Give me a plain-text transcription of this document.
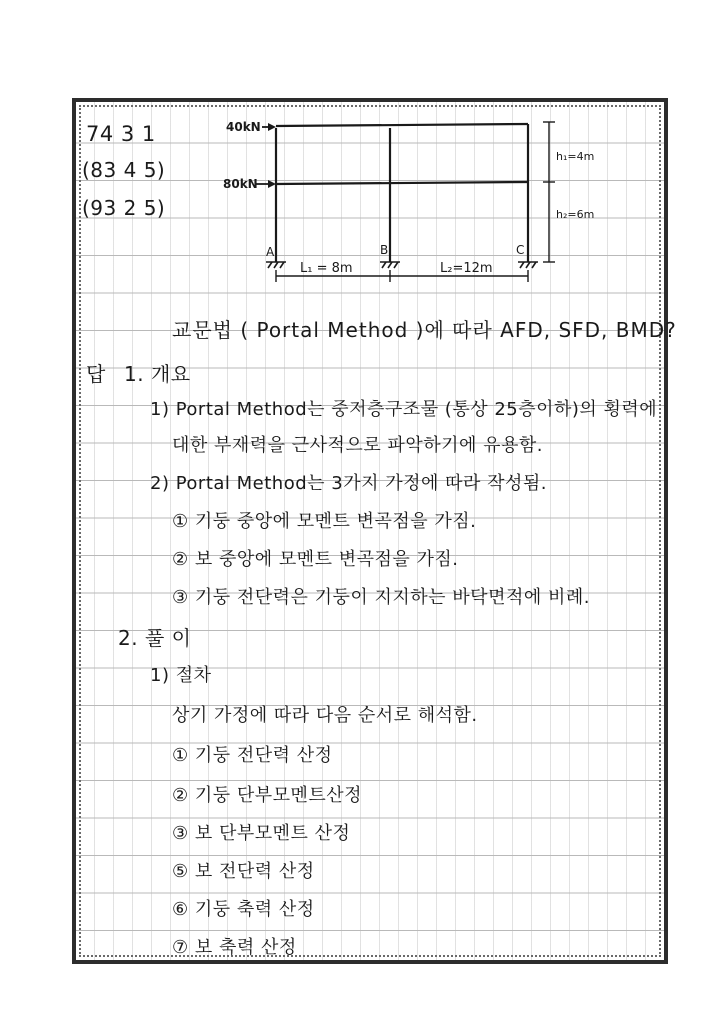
74 3 1
(83 4 5)
(93 2 5)
40kN
80kN
A	B	C
h₁=4m
h₂=6m
L₁ = 8m	L₂=12m
교문법 ( Portal Method )에 따라 AFD, SFD, BMD?
답 1. 개요
1) Portal Method는 중저층구조물 (통상 25층이하)의 횡력에
대한 부재력을 근사적으로 파악하기에 유용함.
2) Portal Method는 3가지 가정에 따라 작성됨.
① 기둥 중앙에 모멘트 변곡점을 가짐.
② 보 중앙에 모멘트 변곡점을 가짐.
③ 기둥 전단력은 기둥이 지지하는 바닥면적에 비례.
2. 풀 이
1) 절차
상기 가정에 따라 다음 순서로 해석함.
① 기둥 전단력 산정
② 기둥 단부모멘트산정
③ 보 단부모멘트 산정
⑤ 보 전단력 산정
⑥ 기둥 축력 산정
⑦ 보 축력 산정
